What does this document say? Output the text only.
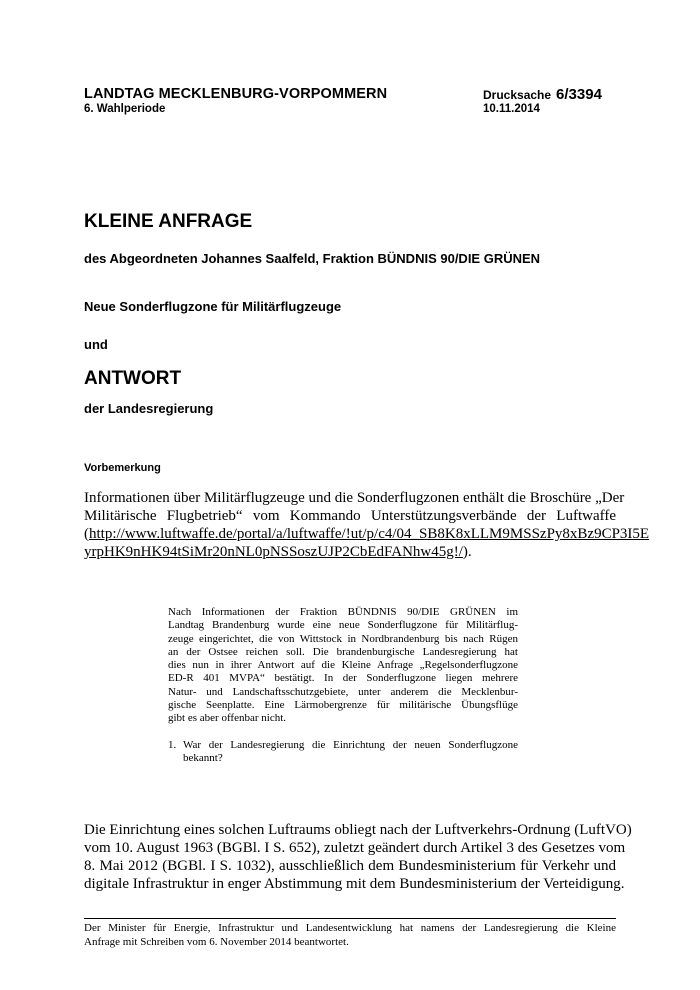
LANDTAG MECKLENBURG-VORPOMMERN
6. Wahlperiode
Drucksache 6/3394
10.11.2014
KLEINE ANFRAGE
des Abgeordneten Johannes Saalfeld, Fraktion BÜNDNIS 90/DIE GRÜNEN
Neue Sonderflugzone für Militärflugzeuge
und
ANTWORT
der Landesregierung
Vorbemerkung
Informationen über Militärflugzeuge und die Sonderflugzonen enthält die Broschüre „Der
Militärische Flugbetrieb“ vom Kommando Unterstützungsverbände der Luftwaffe
(http://www.luftwaffe.de/portal/a/luftwaffe/!ut/p/c4/04_SB8K8xLLM9MSSzPy8xBz9CP3I5E
yrpHK9nHK94tSiMr20nNL0pNSSoszUJP2CbEdFANhw45g!/).
Nach Informationen der Fraktion BÜNDNIS 90/DIE GRÜNEN im
Landtag Brandenburg wurde eine neue Sonderflugzone für Militärflug-
zeuge eingerichtet, die von Wittstock in Nordbrandenburg bis nach Rügen
an der Ostsee reichen soll. Die brandenburgische Landesregierung hat
dies nun in ihrer Antwort auf die Kleine Anfrage „Regelsonderflugzone
ED-R 401 MVPA“ bestätigt. In der Sonderflugzone liegen mehrere
Natur- und Landschaftsschutzgebiete, unter anderem die Mecklenbur-
gische Seenplatte. Eine Lärmobergrenze für militärische Übungsflüge
gibt es aber offenbar nicht.
1. War der Landesregierung die Einrichtung der neuen Sonderflugzone
bekannt?
Die Einrichtung eines solchen Luftraums obliegt nach der Luftverkehrs-Ordnung (LuftVO)
vom 10. August 1963 (BGBl. I S. 652), zuletzt geändert durch Artikel 3 des Gesetzes vom
8. Mai 2012 (BGBl. I S. 1032), ausschließlich dem Bundesministerium für Verkehr und
digitale Infrastruktur in enger Abstimmung mit dem Bundesministerium der Verteidigung.
Der Minister für Energie, Infrastruktur und Landesentwicklung hat namens der Landesregierung die Kleine
Anfrage mit Schreiben vom 6. November 2014 beantwortet.
